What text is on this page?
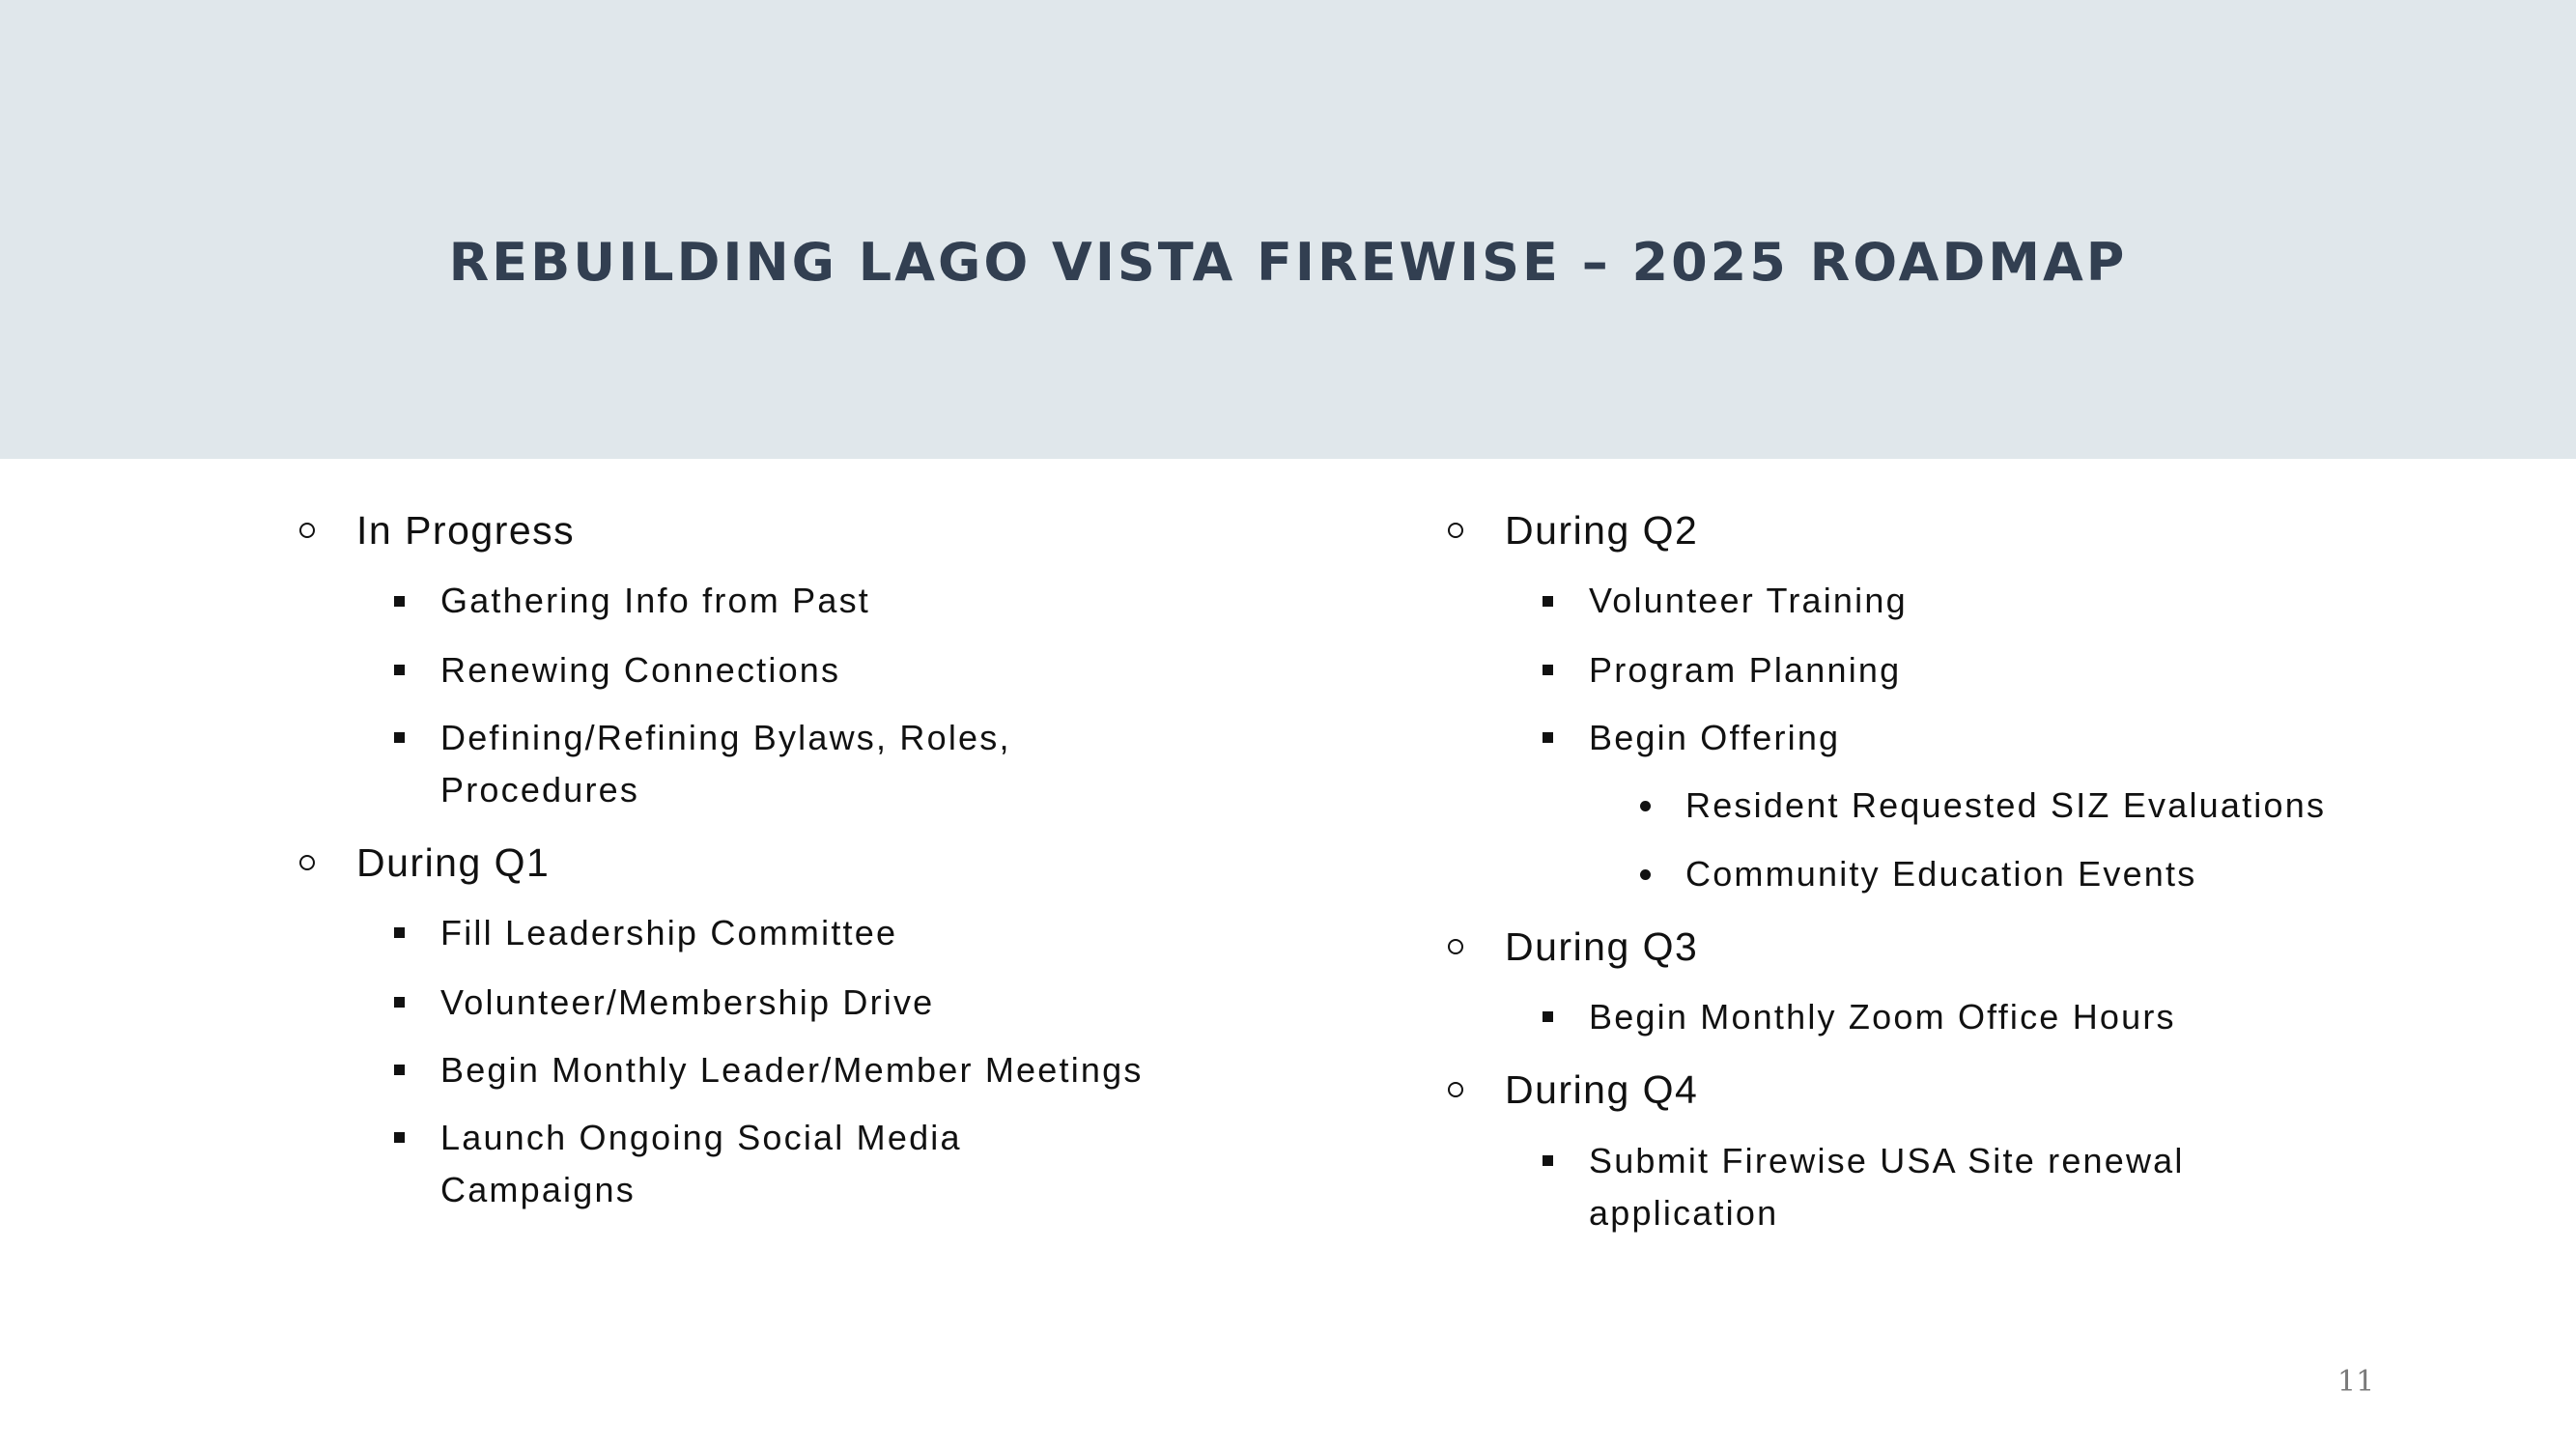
REBUILDING LAGO VISTA FIREWISE – 2025 ROADMAP
In Progress
Gathering Info from Past
Renewing Connections
Defining/Refining Bylaws, Roles,
Procedures
During Q1
Fill Leadership Committee
Volunteer/Membership Drive
Begin Monthly Leader/Member Meetings
Launch Ongoing Social Media
Campaigns
During Q2
Volunteer Training
Program Planning
Begin Offering
Resident Requested SIZ Evaluations
Community Education Events
During Q3
Begin Monthly Zoom Office Hours
During Q4
Submit Firewise USA Site renewal
application
11
